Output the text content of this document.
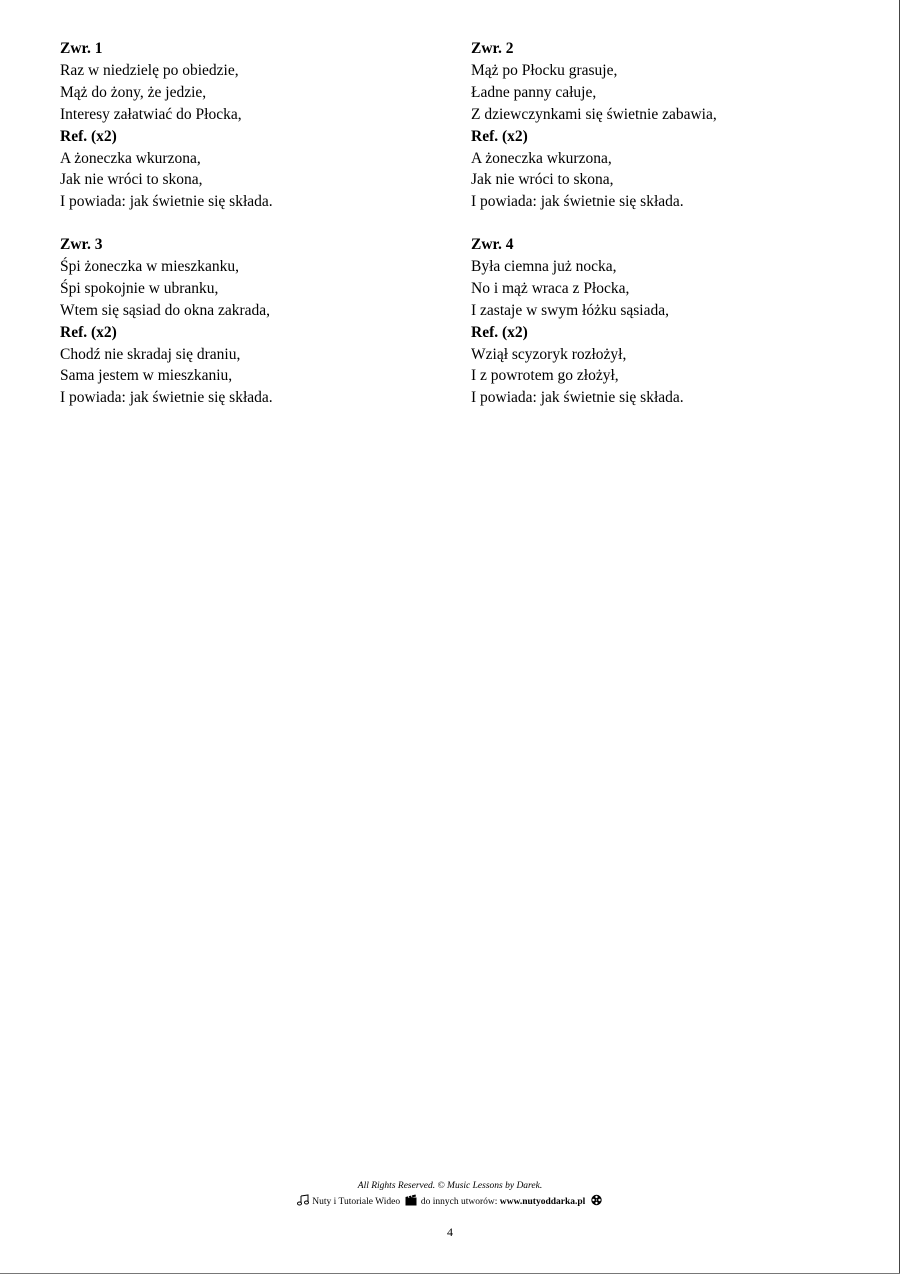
Zwr. 1
Raz w niedzielę po obiedzie,
Mąż do żony, że jedzie,
Interesy załatwiać do Płocka,
Ref. (x2)
A żoneczka wkurzona,
Jak nie wróci to skona,
I powiada: jak świetnie się składa.
Zwr. 2
Mąż po Płocku grasuje,
Ładne panny całuje,
Z dziewczynkami się świetnie zabawia,
Ref. (x2)
A żoneczka wkurzona,
Jak nie wróci to skona,
I powiada: jak świetnie się składa.
Zwr. 3
Śpi żoneczka w mieszkanku,
Śpi spokojnie w ubranku,
Wtem się sąsiad do okna zakrada,
Ref. (x2)
Chodź nie skradaj się draniu,
Sama jestem w mieszkaniu,
I powiada: jak świetnie się składa.
Zwr. 4
Była ciemna już nocka,
No i mąż wraca z Płocka,
I zastaje w swym łóżku sąsiada,
Ref. (x2)
Wziął scyzoryk rozłożył,
I z powrotem go złożył,
I powiada: jak świetnie się składa.
All Rights Reserved. © Music Lessons by Darek.
Nuty i Tutoriale Wideo do innych utworów: www.nutyoddarka.pl
4
